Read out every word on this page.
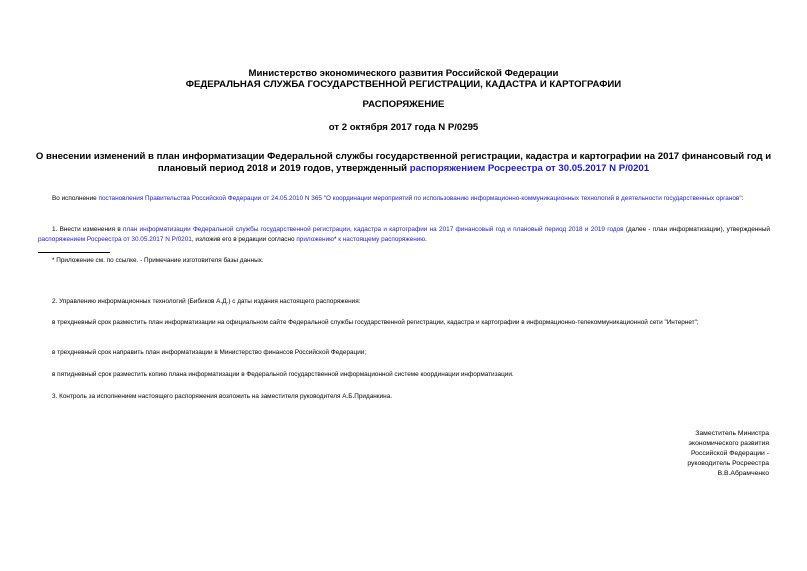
Министерство экономического развития Российской Федерации
ФЕДЕРАЛЬНАЯ СЛУЖБА ГОСУДАРСТВЕННОЙ РЕГИСТРАЦИИ, КАДАСТРА И КАРТОГРАФИИ
РАСПОРЯЖЕНИЕ
от 2 октября 2017 года N Р/0295
О внесении изменений в план информатизации Федеральной службы государственной регистрации, кадастра и картографии на 2017 финансовый год и плановый период 2018 и 2019 годов, утвержденный распоряжением Росреестра от 30.05.2017 N Р/0201
Во исполнение постановления Правительства Российской Федерации от 24.05.2010 N 365 "О координации мероприятий по использованию информационно-коммуникационных технологий в деятельности государственных органов":
1. Внести изменения в план информатизации Федеральной службы государственной регистрации, кадастра и картографии на 2017 финансовый год и плановый период 2018 и 2019 годов (далее - план информатизации), утвержденный распоряжением Росреестра от 30.05.2017 N Р/0201, изложив его в редакции согласно приложению* к настоящему распоряжению.
* Приложение см. по ссылке. - Примечание изготовителя базы данных.
2. Управлению информационных технологий (Бибиков А.Д.) с даты издания настоящего распоряжения:
в трехдневный срок разместить план информатизации на официальном сайте Федеральной службы государственной регистрации, кадастра и картографии в информационно-телекоммуникационной сети "Интернет";
в трехдневный срок направить план информатизации в Министерство финансов Российской Федерации;
в пятидневный срок разместить копию плана информатизации в Федеральной государственной информационной системе координации информатизации.
3. Контроль за исполнением настоящего распоряжения возложить на заместителя руководителя А.Б.Приданкина.
Заместитель Министра
экономического развития
Российской Федерации -
руководитель Росреестра
В.В.Абрамченко
